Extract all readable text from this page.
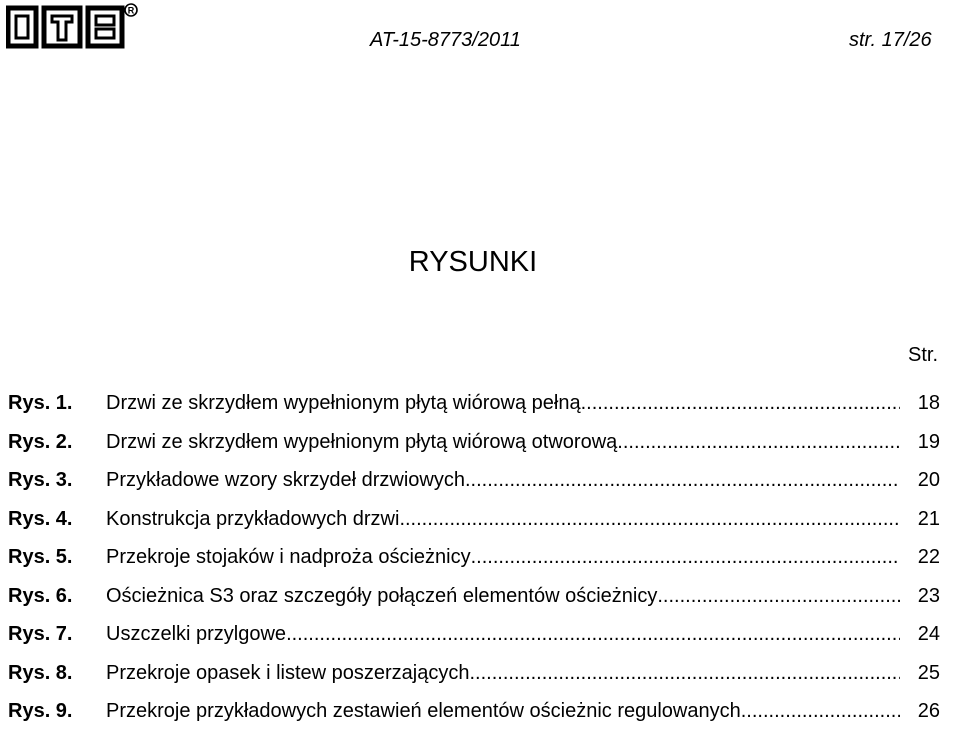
R
AT-15-8773/2011	str. 17/26
RYSUNKI
Str.
Rys. 1.	Drzwi ze skrzydłem wypełnionym płytą wiórową pełną .....	18
Rys. 2.	Drzwi ze skrzydłem wypełnionym płytą wiórową otworową .....	19
Rys. 3.	Przykładowe wzory skrzydeł drzwiowych .....	20
Rys. 4.	Konstrukcja przykładowych drzwi .....	21
Rys. 5.	Przekroje stojaków i nadproża ościeżnicy .....	22
Rys. 6.	Ościeżnica S3 oraz szczegóły połączeń elementów ościeżnicy .....	23
Rys. 7.	Uszczelki przylgowe .....	24
Rys. 8.	Przekroje opasek i listew poszerzających .....	25
Rys. 9.	Przekroje przykładowych zestawień elementów ościeżnic regulowanych .....	26
